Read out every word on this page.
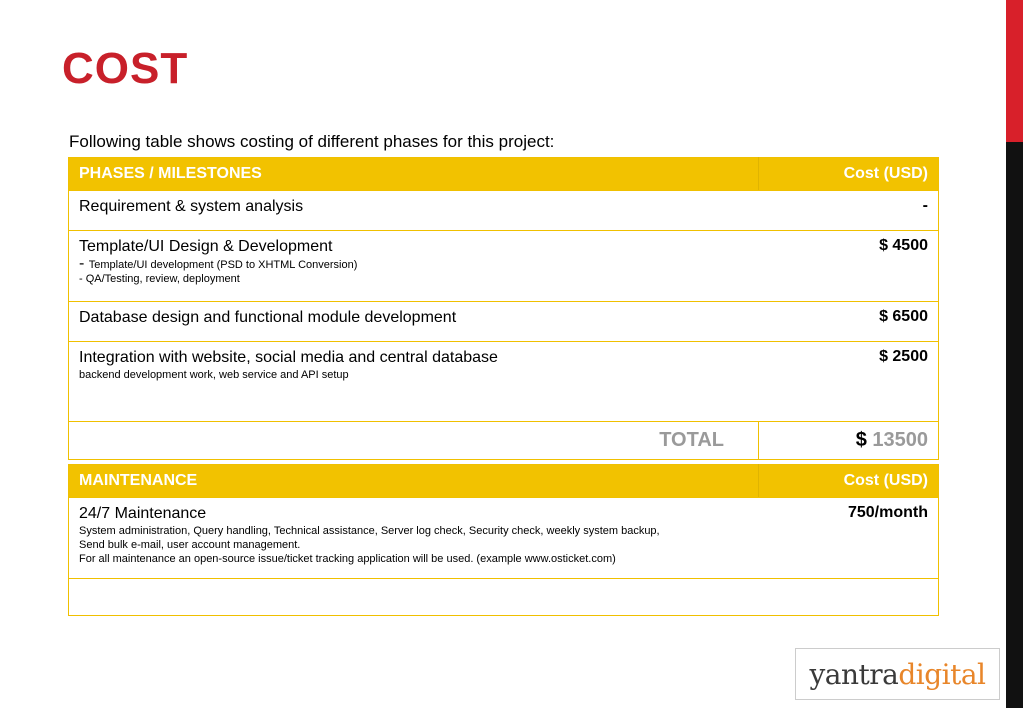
COST
Following table shows costing of different phases for this project:
PHASES / MILESTONES	Cost (USD)

Requirement & system analysis	-

Template/UI Design & Development
- Template/UI development (PSD to XHTML Conversion)
- QA/Testing, review, deployment	$ 4500

Database design and functional module development	$ 6500

Integration with website, social media and central database
backend development work, web service and API setup	$ 2500
TOTAL	$ 13500
MAINTENANCE	Cost (USD)

24/7 Maintenance
System administration, Query handling, Technical assistance, Server log check, Security check, weekly system backup,
Send bulk e-mail, user account management.
For all maintenance an open-source issue/ticket tracking application will be used. (example www.osticket.com)	750/month

yantra digital
